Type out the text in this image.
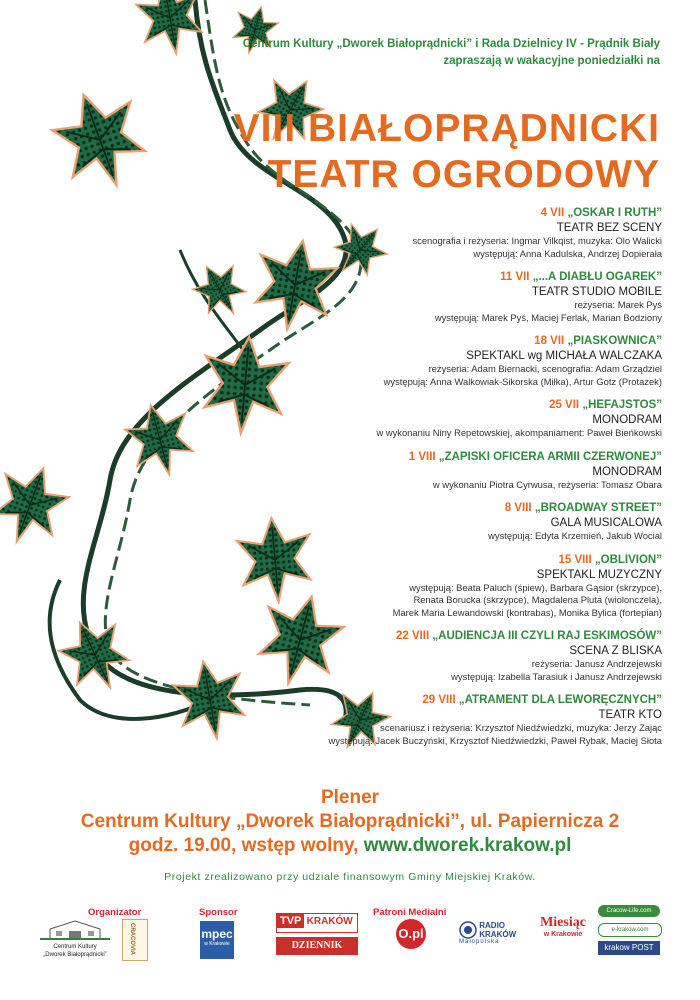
Centrum Kultury „Dworek Białoprądnicki” i Rada Dzielnicy IV - Prądnik Biały
zapraszają w wakacyjne poniedziałki na
VIII BIAŁOPRĄDNICKI
TEATR OGRODOWY
4 VII „OSKAR I RUTH”
TEATR BEZ SCENY
scenografia i reżyseria: Ingmar Vilkqist, muzyka: Olo Walicki
występują: Anna Kadulska, Andrzej Dopierała
11 VII „...A DIABŁU OGAREK”
TEATR STUDIO MOBILE
reżyseria: Marek Pyś
występują: Marek Pyś, Maciej Ferlak, Marian Bodziony
18 VII „PIASKOWNICA”
SPEKTAKL wg MICHAŁA WALCZAKA
reżyseria: Adam Biernacki, scenografia: Adam Grządziel
występują: Anna Walkowiak-Sikorska (Miłka), Artur Gotz (Protazek)
25 VII „HEFAJSTOS”
MONODRAM
w wykonaniu Niny Repetowskiej, akompaniament: Paweł Bieńkowski
1 VIII „ZAPISKI OFICERA ARMII CZERWONEJ”
MONODRAM
w wykonaniu Piotra Cyrwusa, reżyseria: Tomasz Obara
8 VIII „BROADWAY STREET”
GALA MUSICALOWA
występują: Edyta Krzemień, Jakub Wocial
15 VIII „OBLIVION”
SPEKTAKL MUZYCZNY
występują: Beata Paluch (śpiew), Barbara Gąsior (skrzypce),
Renata Borucka (skrzypce), Magdalena Pluta (wiolonczela),
Marek Maria Lewandowski (kontrabas), Monika Bylica (fortepian)
22 VIII „AUDIENCJA III CZYLI RAJ ESKIMOSÓW”
SCENA Z BLISKA
reżyseria: Janusz Andrzejewski
występują: Izabella Tarasiuk i Janusz Andrzejewski
29 VIII „ATRAMENT DLA LEWORĘCZNYCH”
TEATR KTO
scenariusz i reżyseria: Krzysztof Niedźwiedzki, muzyka: Jerzy Zając
występują: Jacek Buczyński, Krzysztof Niedźwiedzki, Paweł Rybak, Maciej Słota
Plener
Centrum Kultury „Dworek Białoprądnicki”, ul. Papiernicza 2
godz. 19.00, wstęp wolny, www.dworek.krakow.pl
Projekt zrealizowano przy udziale finansowym Gminy Miejskiej Kraków.
Organizator
Centrum Kultury
„Dworek Białoprądnicki”	CRACOVIA
Sponsor
mpec
w Krakowie
TVP KRAKÓW
DZIENNIK POLSKI
Patroni Medialni
O.pl
RADIO
KRAKÓW
Małopolska
Miesiąc
w Krakowie
Cracow-Life.com
e-krakow.com
krakow POST
